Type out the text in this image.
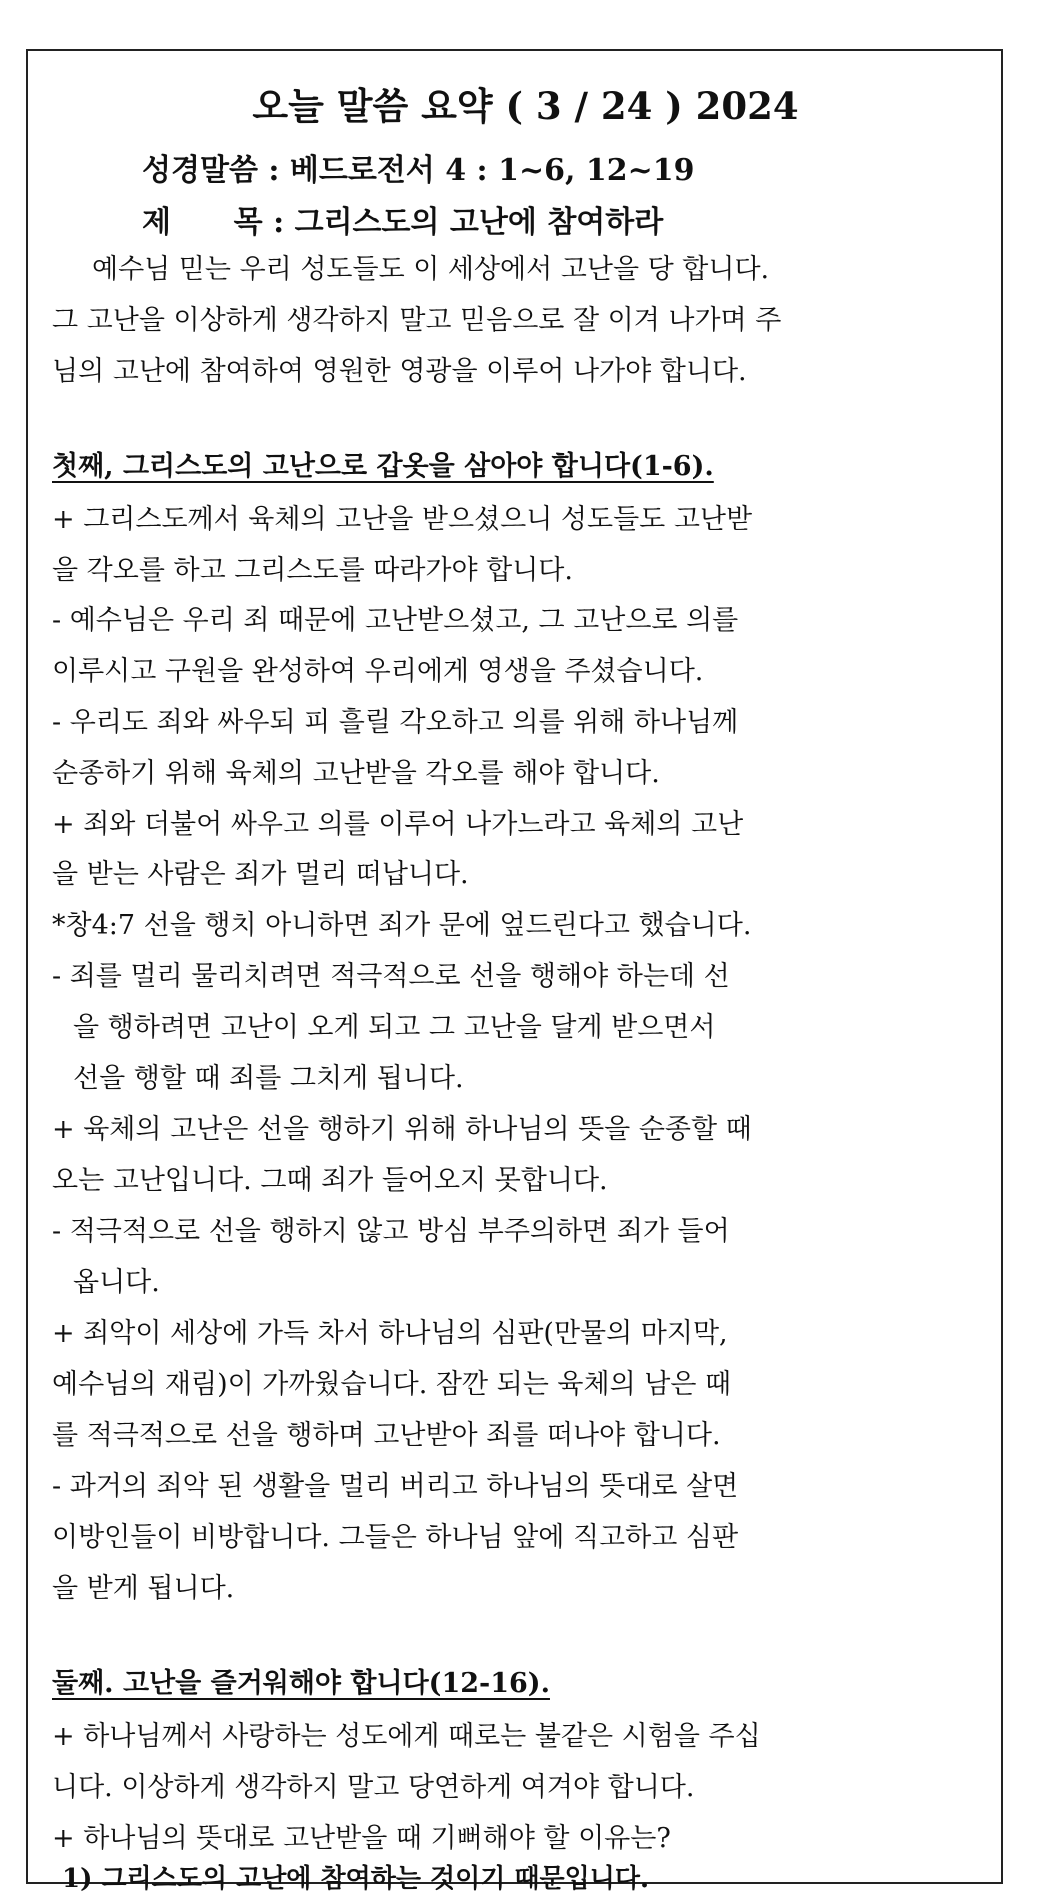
오늘 말씀 요약 ( 3 / 24 ) 2024
성경말씀 : 베드로전서 4 : 1~6, 12~19
제      목 : 그리스도의 고난에 참여하라
예수님 믿는 우리 성도들도 이 세상에서 고난을 당 합니다.
그 고난을 이상하게 생각하지 말고 믿음으로 잘 이겨 나가며 주
님의 고난에 참여하여 영원한 영광을 이루어 나가야 합니다.
첫째, 그리스도의 고난으로 갑옷을 삼아야 합니다(1-6).
+ 그리스도께서 육체의 고난을 받으셨으니 성도들도 고난받
을 각오를 하고 그리스도를 따라가야 합니다.
- 예수님은 우리 죄 때문에 고난받으셨고, 그 고난으로 의를
이루시고 구원을 완성하여 우리에게 영생을 주셨습니다.
- 우리도 죄와 싸우되 피 흘릴 각오하고 의를 위해 하나님께
순종하기 위해 육체의 고난받을 각오를 해야 합니다.
+ 죄와 더불어 싸우고 의를 이루어 나가느라고 육체의 고난
을 받는 사람은 죄가 멀리 떠납니다.
*창4:7 선을 행치 아니하면 죄가 문에 엎드린다고 했습니다.
- 죄를 멀리 물리치려면 적극적으로 선을 행해야 하는데 선
을 행하려면 고난이 오게 되고 그 고난을 달게 받으면서
선을 행할 때 죄를 그치게 됩니다.
+ 육체의 고난은 선을 행하기 위해 하나님의 뜻을 순종할 때
오는 고난입니다. 그때 죄가 들어오지 못합니다.
- 적극적으로 선을 행하지 않고 방심 부주의하면 죄가 들어
옵니다.
+ 죄악이 세상에 가득 차서 하나님의 심판(만물의 마지막,
예수님의 재림)이 가까웠습니다. 잠깐 되는 육체의 남은 때
를 적극적으로 선을 행하며 고난받아 죄를 떠나야 합니다.
- 과거의 죄악 된 생활을 멀리 버리고 하나님의 뜻대로 살면
이방인들이 비방합니다. 그들은 하나님 앞에 직고하고 심판
을 받게 됩니다.
둘째. 고난을 즐거워해야 합니다(12-16).
+ 하나님께서 사랑하는 성도에게 때로는 불같은 시험을 주십
니다. 이상하게 생각하지 말고 당연하게 여겨야 합니다.
+ 하나님의 뜻대로 고난받을 때 기뻐해야 할 이유는?
1) 그리스도의 고난에 참여하는 것이기 때문입니다.
